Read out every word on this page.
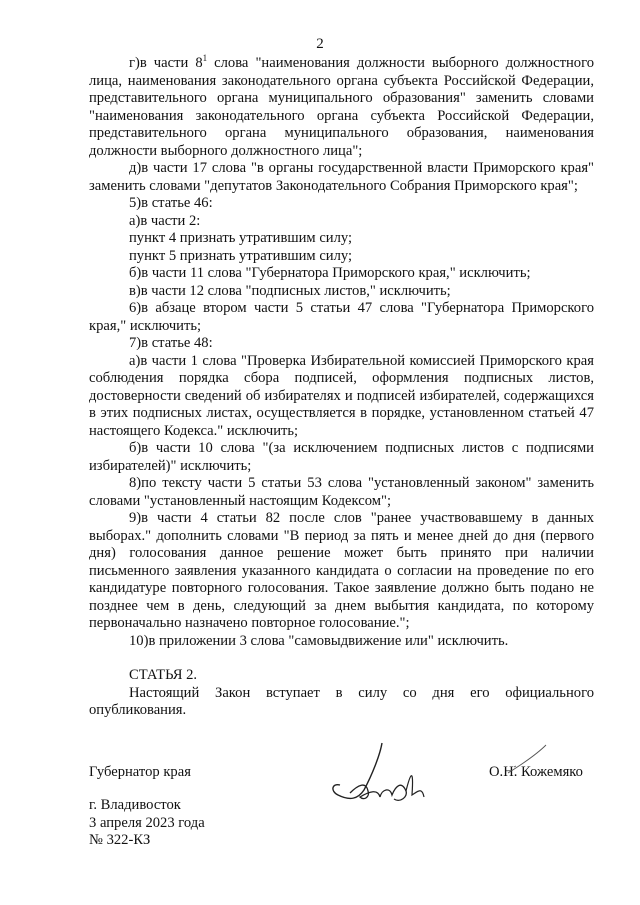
2

г)в части $8^1$ слова "наименования должности выборного должностного лица, наименования законодательного органа субъекта Российской Федерации, представительного органа муниципального образования" заменить словами "наименования законодательного органа субъекта Российской Федерации, представительного органа муниципального образования, наименования должности выборного должностного лица";

д)в части 17 слова "в органы государственной власти Приморского края" заменить словами "депутатов Законодательного Собрания Приморского края";

5)в статье 46:

а)в части 2:

пункт 4 признать утратившим силу;

пункт 5 признать утратившим силу;

б)в части 11 слова "Губернатора Приморского края," исключить;

в)в части 12 слова "подписных листов," исключить;

6)в абзаце втором части 5 статьи 47 слова "Губернатора Приморского края," исключить;

7)в статье 48:

а)в части 1 слова "Проверка Избирательной комиссией Приморского края соблюдения порядка сбора подписей, оформления подписных листов, достоверности сведений об избирателях и подписей избирателей, содержащихся в этих подписных листах, осуществляется в порядке, установленном статьей 47 настоящего Кодекса." исключить;

б)в части 10 слова "(за исключением подписных листов с подписями избирателей)" исключить;

8)по тексту части 5 статьи 53 слова "установленный законом" заменить словами "установленный настоящим Кодексом";

9)в части 4 статьи 82 после слов "ранее участвовавшему в данных выборах." дополнить словами "В период за пять и менее дней до дня (первого дня) голосования данное решение может быть принято при наличии письменного заявления указанного кандидата о согласии на проведение по его кандидатуре повторного голосования. Такое заявление должно быть подано не позднее чем в день, следующий за днем выбытия кандидата, по которому первоначально назначено повторное голосование.";

10)в приложении 3 слова "самовыдвижение или" исключить.

СТАТЬЯ 2.

Настоящий Закон вступает в силу со дня его официального опубликования.

Губернатор края	О.Н. Кожемяко
г. Владивосток
3 апреля 2023 года
№ 322-КЗ
